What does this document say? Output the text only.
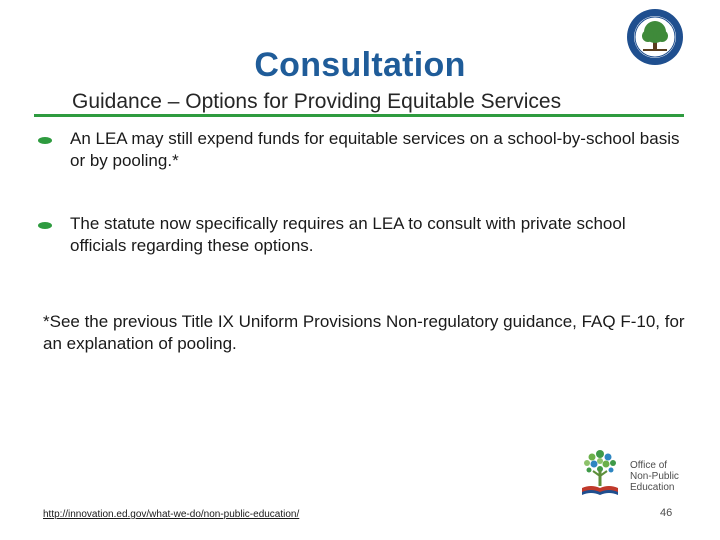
Consultation
Guidance – Options for Providing Equitable Services
An LEA may still expend funds for equitable services on a school-by-school basis or by pooling.*
The statute now specifically requires an LEA to consult with private school officials regarding these options.
*See the previous Title IX Uniform Provisions Non-regulatory guidance, FAQ F-10, for an explanation of pooling.
Office of
Non-Public
Education
http://innovation.ed.gov/what-we-do/non-public-education/	46
